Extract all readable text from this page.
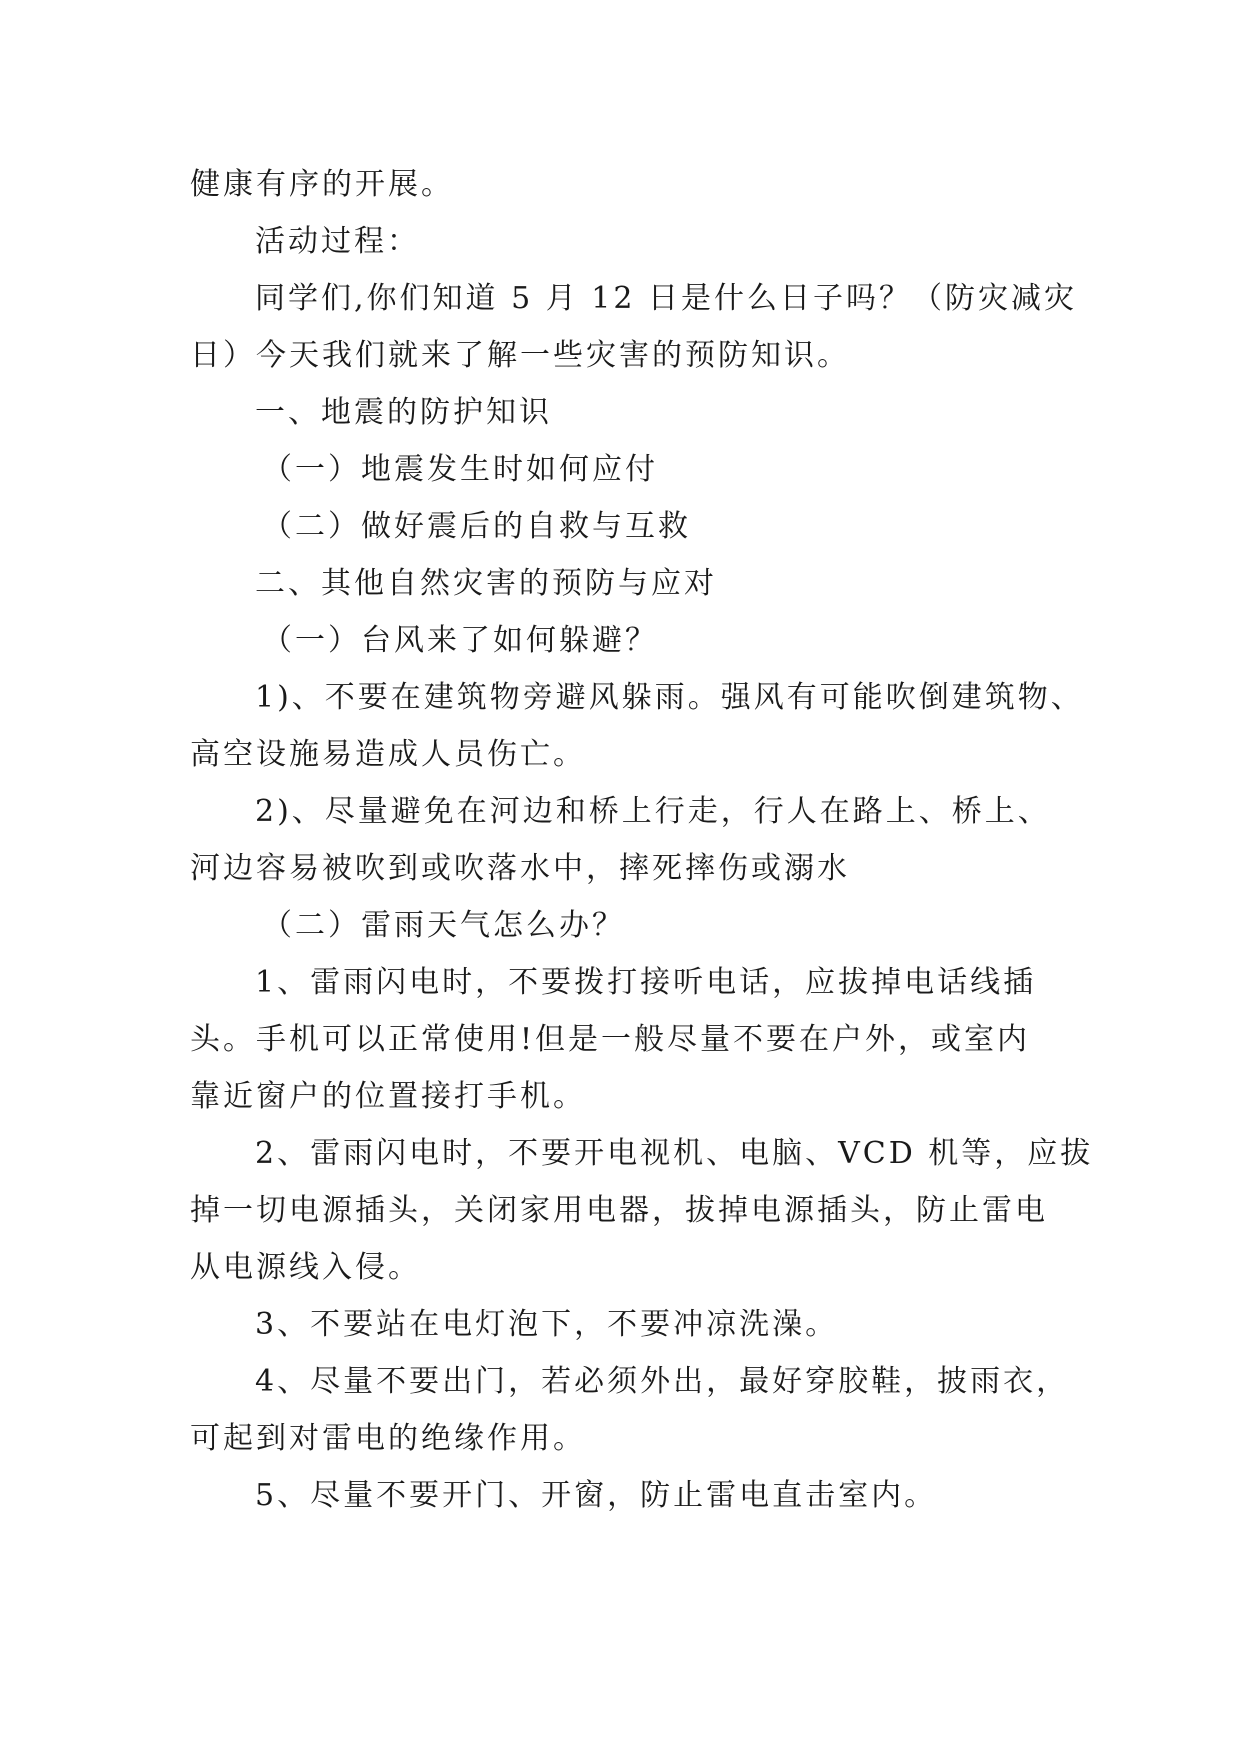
健康有序的开展。
活动过程：
同学们,你们知道 5 月 12 日是什么日子吗？（防灾减灾
日）今天我们就来了解一些灾害的预防知识。
一、地震的防护知识
（一）地震发生时如何应付
（二）做好震后的自救与互救
二、其他自然灾害的预防与应对
（一）台风来了如何躲避？
1)、不要在建筑物旁避风躲雨。强风有可能吹倒建筑物、
高空设施易造成人员伤亡。
2)、尽量避免在河边和桥上行走，行人在路上、桥上、
河边容易被吹到或吹落水中，摔死摔伤或溺水
（二）雷雨天气怎么办？
1、雷雨闪电时，不要拨打接听电话，应拔掉电话线插
头。手机可以正常使用!但是一般尽量不要在户外，或室内
靠近窗户的位置接打手机。
2、雷雨闪电时，不要开电视机、电脑、VCD 机等，应拔
掉一切电源插头，关闭家用电器，拔掉电源插头，防止雷电
从电源线入侵。
3、不要站在电灯泡下，不要冲凉洗澡。
4、尽量不要出门，若必须外出，最好穿胶鞋，披雨衣，
可起到对雷电的绝缘作用。
5、尽量不要开门、开窗，防止雷电直击室内。
